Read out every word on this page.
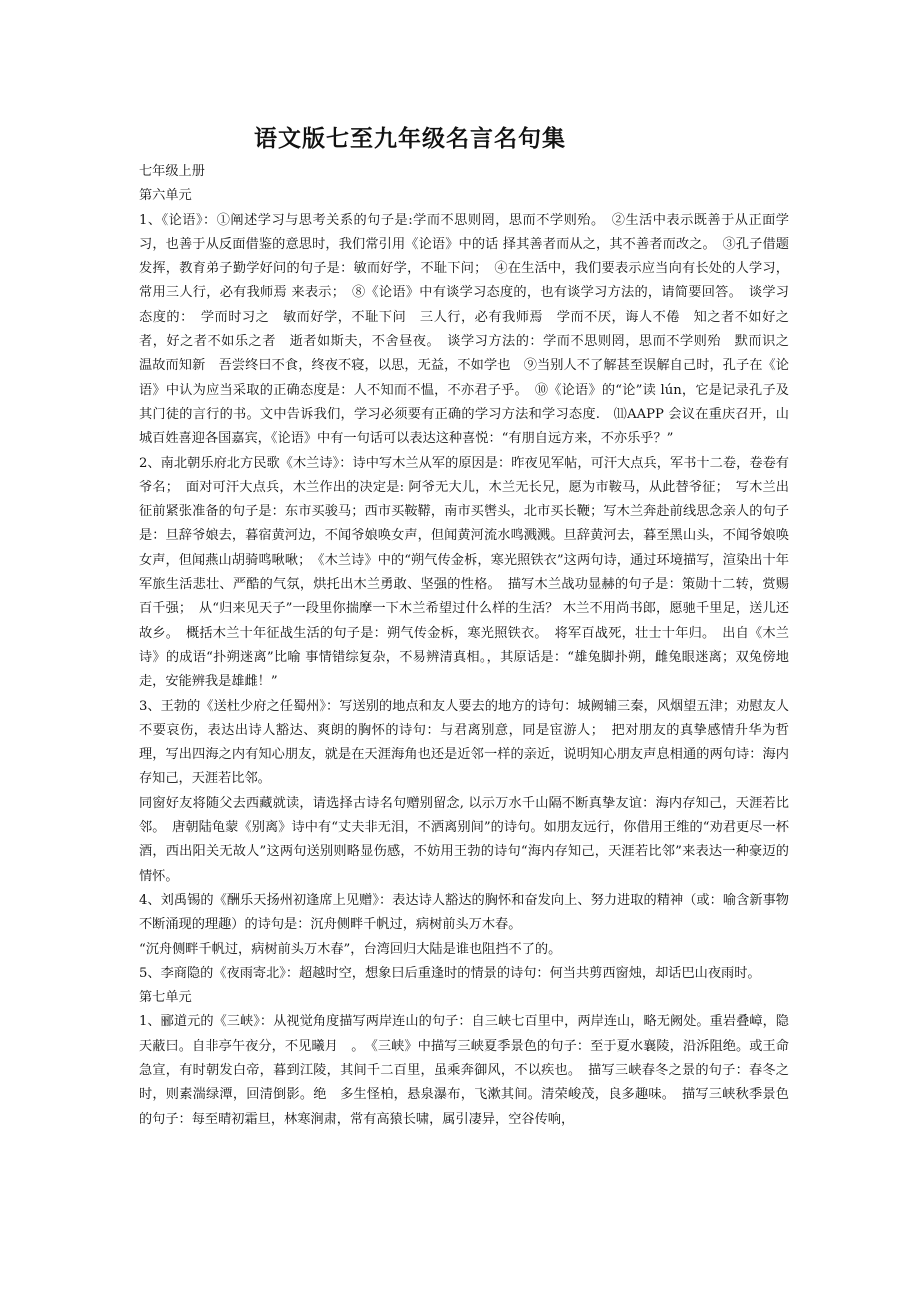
语文版七至九年级名言名句集
七年级上册
第六单元
1、《论语》：①阐述学习与思考关系的句子是:学而不思则罔，思而不学则殆。　②生活中表示既善于从正面学习，也善于从反面借鉴的意思时，我们常引用《论语》中的话 择其善者而从之，其不善者而改之。　③孔子借题发挥，教育弟子勤学好问的句子是：敏而好学，不耻下问；　④在生活中，我们要表示应当向有长处的人学习，常用三人行，必有我师焉 来表示；　⑧《论语》中有谈学习态度的，也有谈学习方法的，请简要回答。　谈学习态度的：　学而时习之　敏而好学，不耻下问　三人行，必有我师焉　学而不厌，诲人不倦　知之者不如好之者，好之者不如乐之者　逝者如斯夫，不舍昼夜。　谈学习方法的：学而不思则罔，思而不学则殆　默而识之　温故而知新　吾尝终曰不食，终夜不寝，以思，无益，不如学也　⑨当别人不了解甚至误解自己时，孔子在《论语》中认为应当采取的正确态度是：人不知而不愠，不亦君子乎。　⑩《论语》的“论”读 lún，它是记录孔子及其门徒的言行的书。文中告诉我们，学习必须要有正确的学习方法和学习态度.　⑾AAPP 会议在重庆召开，山城百姓喜迎各国嘉宾，《论语》中有一句话可以表达这种喜悦：“有朋自远方来，不亦乐乎？”
2、南北朝乐府北方民歌《木兰诗》：诗中写木兰从军的原因是：昨夜见军帖，可汗大点兵，军书十二卷，卷卷有爷名；　面对可汗大点兵，木兰作出的决定是: 阿爷无大儿，木兰无长兄，愿为市鞍马，从此替爷征；　写木兰出征前紧张准备的句子是：东市买骏马；西市买鞍鞯，南市买辔头，北市买长鞭；写木兰奔赴前线思念亲人的句子是：旦辞爷娘去，暮宿黄河边，不闻爷娘唤女声，但闻黄河流水鸣溅溅。旦辞黄河去，暮至黑山头，不闻爷娘唤女声，但闻燕山胡骑鸣啾啾；　《木兰诗》中的“朔气传金柝，寒光照铁衣”这两句诗，通过环境描写，渲染出十年军旅生活悲壮、严酷的气氛，烘托出木兰勇敢、坚强的性格。　描写木兰战功显赫的句子是：策勋十二转，赏赐百千强；　从“归来见天子”一段里你揣摩一下木兰希望过什么样的生活？ 木兰不用尚书郎，愿驰千里足，送儿还故乡。　概括木兰十年征战生活的句子是：朔气传金柝，寒光照铁衣。　将军百战死，壮士十年归。　出自《木兰诗》的成语“扑朔迷离”比喻 事情错综复杂，不易辨清真相。，其原话是：“雄兔脚扑朔，雌兔眼迷离；双兔傍地走，安能辨我是雄雌！”
3、王勃的《送杜少府之任蜀州》：写送别的地点和友人要去的地方的诗句：城阙辅三秦，风烟望五津；劝慰友人不要哀伤，表达出诗人豁达、爽朗的胸怀的诗句：与君离别意，同是宦游人；　把对朋友的真挚感情升华为哲理，写出四海之内有知心朋友，就是在天涯海角也还是近邻一样的亲近，说明知心朋友声息相通的两句诗：海内存知己，天涯若比邻。
同窗好友将随父去西藏就读，请选择古诗名句赠别留念, 以示万水千山隔不断真挚友谊：海内存知己，天涯若比邻。　唐朝陆龟蒙《别离》诗中有“丈夫非无泪，不洒离别间”的诗句。如朋友远行，你借用王维的“劝君更尽一杯酒，西出阳关无故人”这两句送别则略显伤感，不妨用王勃的诗句“海内存知己，天涯若比邻”来表达一种豪迈的情怀。
4、刘禹锡的《酬乐天扬州初逢席上见赠》：表达诗人豁达的胸怀和奋发向上、努力进取的精神（或：喻含新事物不断涌现的理趣）的诗句是：沉舟侧畔千帆过，病树前头万木春。
“沉舟侧畔千帆过，病树前头万木春”，台湾回归大陆是谁也阻挡不了的。
5、李商隐的《夜雨寄北》：超越时空，想象曰后重逢时的情景的诗句：何当共剪西窗烛，却话巴山夜雨时。
第七单元
1、郦道元的《三峡》：从视觉角度描写两岸连山的句子：自三峡七百里中，两岸连山，略无阙处。重岩叠嶂，隐天蔽曰。自非亭午夜分，不见曦月　。　《三峡》中描写三峡夏季景色的句子：至于夏水襄陵，沿泝阻绝。或王命急宣，有时朝发白帝，暮到江陵，其间千二百里，虽乘奔御风，不以疾也。　描写三峡春冬之景的句子：春冬之时，则素湍绿潭，回清倒影。绝　多生怪柏，悬泉瀑布，飞漱其间。清荣峻茂，良多趣味。　描写三峡秋季景色的句子：每至晴初霜旦，林寒涧肃，常有高猿长啸，属引凄异，空谷传响，
